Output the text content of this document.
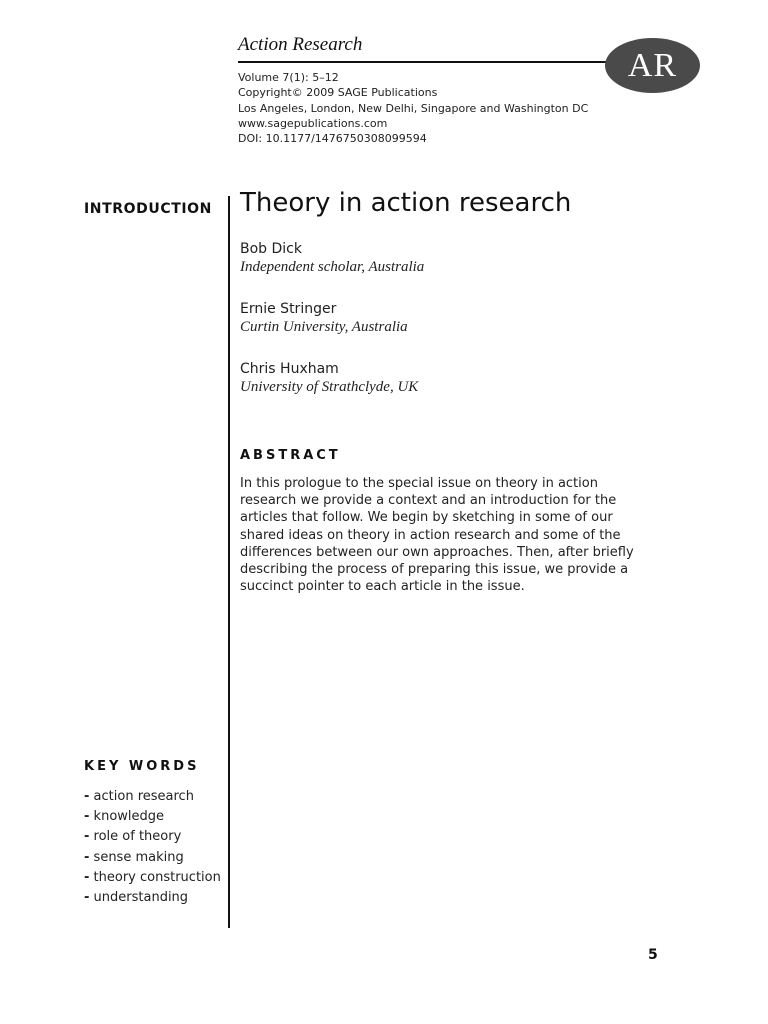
Action Research
AR
Volume 7(1): 5–12
Copyright© 2009 SAGE Publications
Los Angeles, London, New Delhi, Singapore and Washington DC
www.sagepublications.com
DOI: 10.1177/1476750308099594
INTRODUCTION Theory in action research
Bob Dick
Independent scholar, Australia
Ernie Stringer
Curtin University, Australia
Chris Huxham
University of Strathclyde, UK
ABSTRACT
In this prologue to the special issue on theory in action research we provide a context and an introduction for the articles that follow. We begin by sketching in some of our shared ideas on theory in action research and some of the differences between our own approaches. Then, after briefly describing the process of preparing this issue, we provide a succinct pointer to each article in the issue.
KEY WORDS
- action research
- knowledge
- role of theory
- sense making
- theory construction
- understanding
5
